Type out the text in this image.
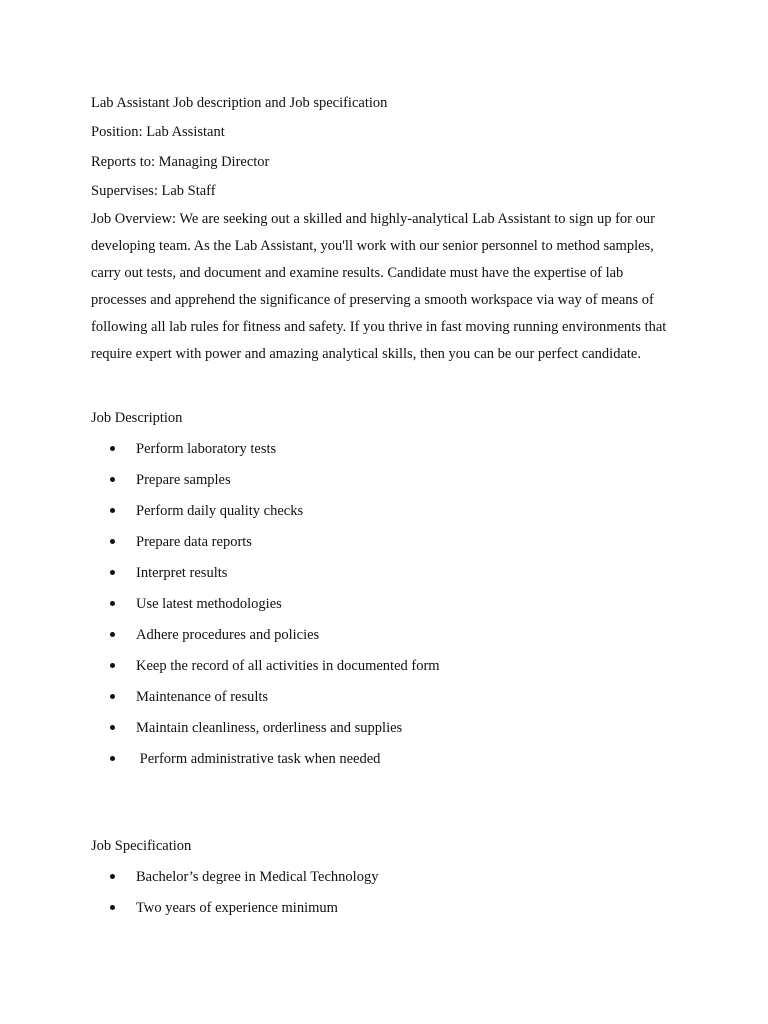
Lab Assistant Job description and Job specification
Position: Lab Assistant
Reports to: Managing Director
Supervises: Lab Staff

Job Overview: We are seeking out a skilled and highly-analytical Lab Assistant to sign up for our developing team. As the Lab Assistant, you'll work with our senior personnel to method samples, carry out tests, and document and examine results. Candidate must have the expertise of lab processes and apprehend the significance of preserving a smooth workspace via way of means of following all lab rules for fitness and safety. If you thrive in fast moving running environments that require expert with power and amazing analytical skills, then you can be our perfect candidate.

Job Description
Perform laboratory tests
Prepare samples
Perform daily quality checks
Prepare data reports
Interpret results
Use latest methodologies
Adhere procedures and policies
Keep the record of all activities in documented form
Maintenance of results
Maintain cleanliness, orderliness and supplies
Perform administrative task when needed
Job Specification
Bachelor’s degree in Medical Technology
Two years of experience minimum
